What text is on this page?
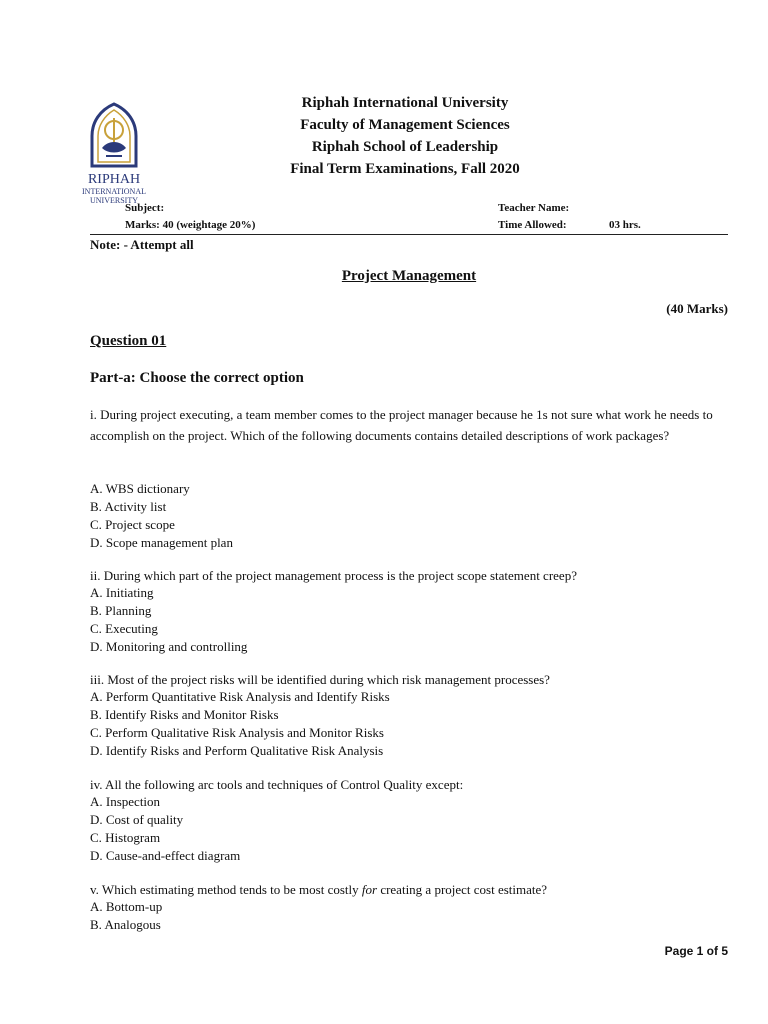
RIPHAH
INTERNATIONAL
UNIVERSITY
Riphah International University
Faculty of Management Sciences
Riphah School of Leadership
Final Term Examinations, Fall 2020
Subject:	Teacher Name:
Marks: 40 (weightage 20%)	Time Allowed:	03 hrs.
Note: - Attempt all
Project Management
(40 Marks)
Question 01
Part-a: Choose the correct option
i. During project executing, a team member comes to the project manager because he 1s not sure what work he needs to accomplish on the project. Which of the following documents contains detailed descriptions of work packages?
A. WBS dictionary
B. Activity list
C. Project scope
D. Scope management plan
ii. During which part of the project management process is the project scope statement creep?
A. Initiating
B. Planning
C. Executing
D. Monitoring and controlling
iii. Most of the project risks will be identified during which risk management processes?
A. Perform Quantitative Risk Analysis and Identify Risks
B. Identify Risks and Monitor Risks
C. Perform Qualitative Risk Analysis and Monitor Risks
D. Identify Risks and Perform Qualitative Risk Analysis
iv. All the following arc tools and techniques of Control Quality except:
A. Inspection
D. Cost of quality
C. Histogram
D. Cause-and-effect diagram
v. Which estimating method tends to be most costly for creating a project cost estimate?
A. Bottom-up
B. Analogous
Page 1 of 5
